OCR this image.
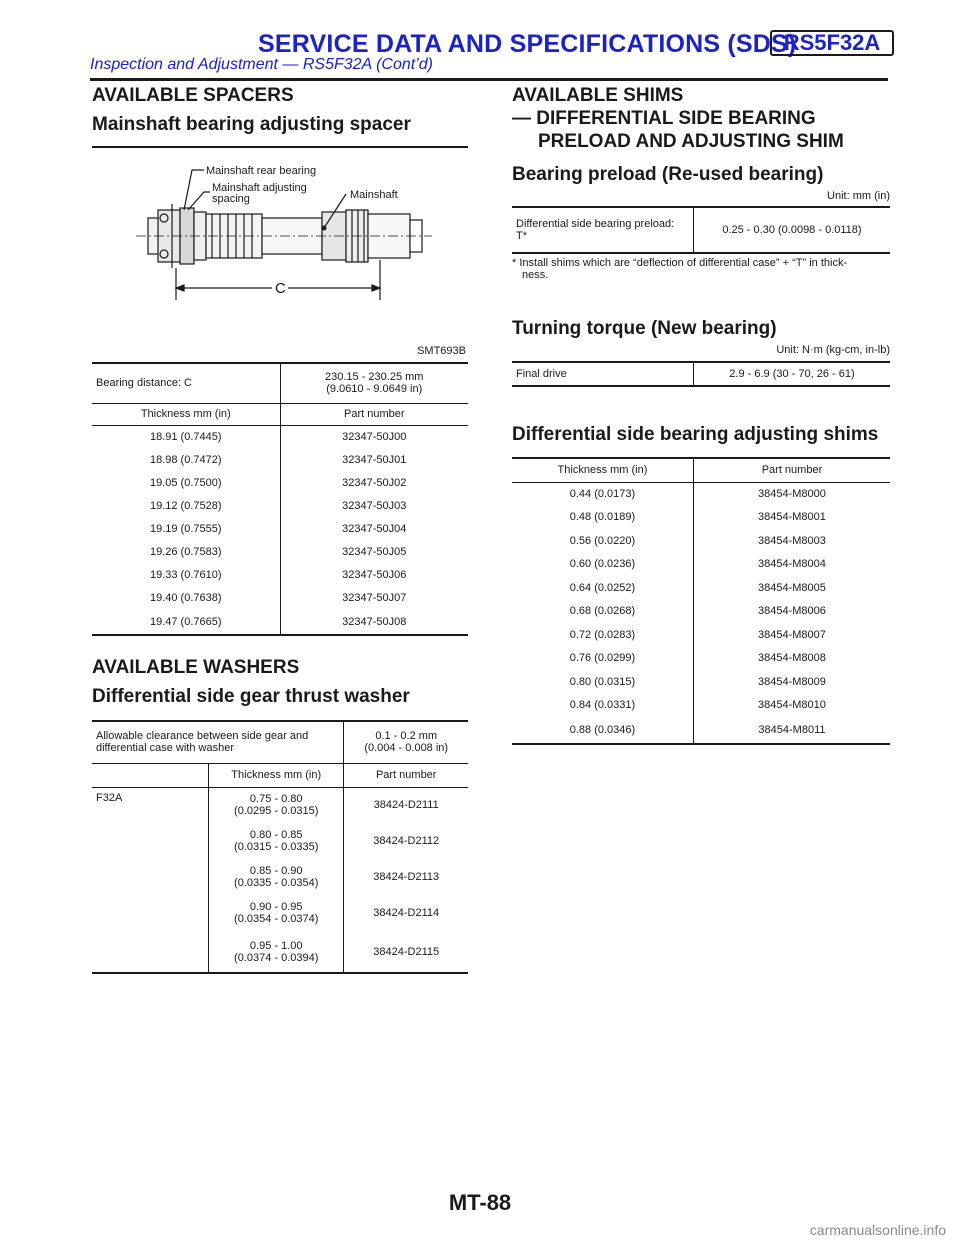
SERVICE DATA AND SPECIFICATIONS (SDS)
RS5F32A
Inspection and Adjustment — RS5F32A (Cont’d)
AVAILABLE SPACERS
Mainshaft bearing adjusting spacer
Mainshaft rear bearing
Mainshaft adjusting
spacing	Mainshaft
C
SMT693B
Bearing distance: C	230.15 - 230.25 mm
(9.0610 - 9.0649 in)
Thickness mm (in)	Part number
18.91 (0.7445)	32347-50J00
18.98 (0.7472)	32347-50J01
19.05 (0.7500)	32347-50J02
19.12 (0.7528)	32347-50J03
19.19 (0.7555)	32347-50J04
19.26 (0.7583)	32347-50J05
19.33 (0.7610)	32347-50J06
19.40 (0.7638)	32347-50J07
19.47 (0.7665)	32347-50J08
AVAILABLE WASHERS
Differential side gear thrust washer
Allowable clearance between side gear and
differential case with washer		0.1 - 0.2 mm
(0.004 - 0.008 in)
	Thickness mm (in)	Part number
F32A	0.75 - 0.80
(0.0295 - 0.0315)	38424-D2111
	0.80 - 0.85
(0.0315 - 0.0335)	38424-D2112
	0.85 - 0.90
(0.0335 - 0.0354)	38424-D2113
	0.90 - 0.95
(0.0354 - 0.0374)	38424-D2114
	0.95 - 1.00
(0.0374 - 0.0394)	38424-D2115
AVAILABLE SHIMS
— DIFFERENTIAL SIDE BEARING
PRELOAD AND ADJUSTING SHIM
Bearing preload (Re-used bearing)
Unit: mm (in)
Differential side bearing preload:
T*	0.25 - 0.30 (0.0098 - 0.0118)
* Install shims which are “deflection of differential case” + “T” in thick-
ness.
Turning torque (New bearing)
Unit: N·m (kg-cm, in-lb)
Final drive	2.9 - 6.9 (30 - 70, 26 - 61)
Differential side bearing adjusting shims
Thickness mm (in)	Part number
0.44 (0.0173)	38454-M8000
0.48 (0.0189)	38454-M8001
0.56 (0.0220)	38454-M8003
0.60 (0.0236)	38454-M8004
0.64 (0.0252)	38454-M8005
0.68 (0.0268)	38454-M8006
0.72 (0.0283)	38454-M8007
0.76 (0.0299)	38454-M8008
0.80 (0.0315)	38454-M8009
0.84 (0.0331)	38454-M8010
0.88 (0.0346)	38454-M8011
MT-88
carmanualsonline.info
